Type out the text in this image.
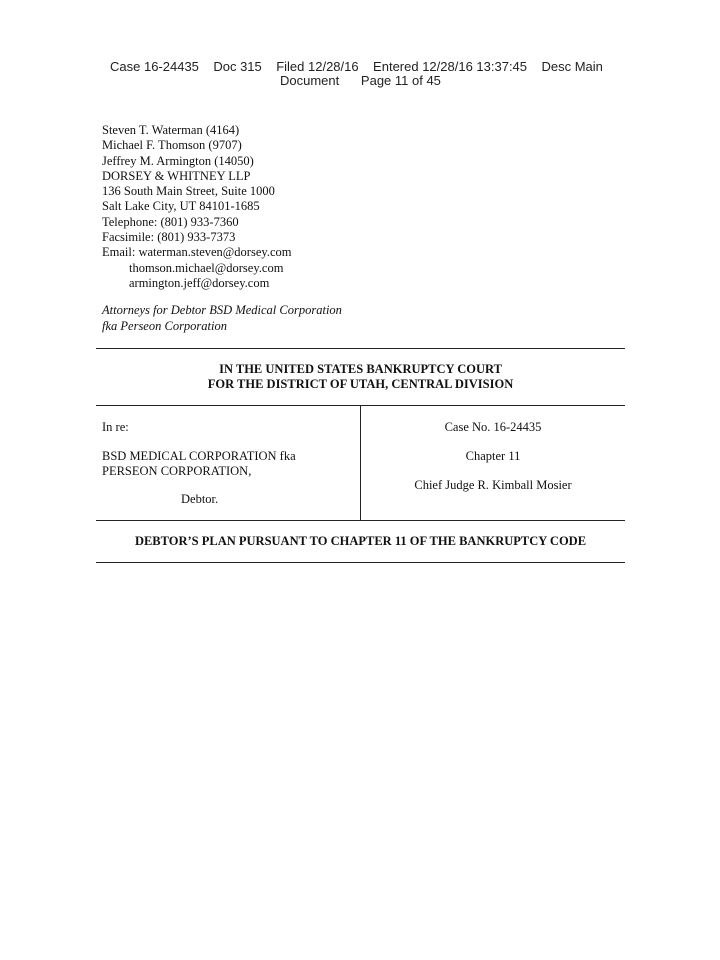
Case 16-24435    Doc 315    Filed 12/28/16    Entered 12/28/16 13:37:45    Desc Main
Document      Page 11 of 45
Steven T. Waterman (4164)
Michael F. Thomson (9707)
Jeffrey M. Armington (14050)
DORSEY & WHITNEY LLP
136 South Main Street, Suite 1000
Salt Lake City, UT 84101-1685
Telephone: (801) 933-7360
Facsimile: (801) 933-7373
Email: waterman.steven@dorsey.com
thomson.michael@dorsey.com
armington.jeff@dorsey.com
Attorneys for Debtor BSD Medical Corporation
fka Perseon Corporation
IN THE UNITED STATES BANKRUPTCY COURT
FOR THE DISTRICT OF UTAH, CENTRAL DIVISION
In re:
BSD MEDICAL CORPORATION fka
PERSEON CORPORATION,
Debtor.
Case No. 16-24435
Chapter 11
Chief Judge R. Kimball Mosier
DEBTOR’S PLAN PURSUANT TO CHAPTER 11 OF THE BANKRUPTCY CODE
